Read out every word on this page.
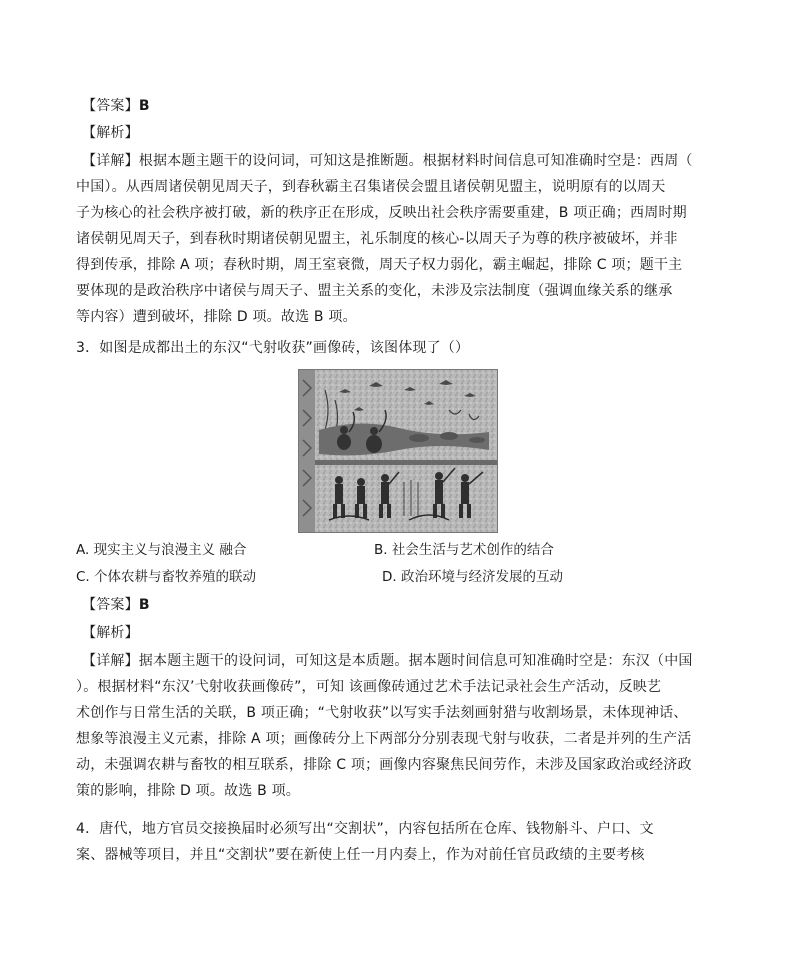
【答案】B
【解析】
【详解】根据本题主题干的设问词，可知这是推断题。根据材料时间信息可知准确时空是：西周（
中国）。从西周诸侯朝见周天子，到春秋霸主召集诸侯会盟且诸侯朝见盟主，说明原有的以周天
子为核心的社会秩序被打破，新的秩序正在形成，反映出社会秩序需要重建，B 项正确；西周时期
诸侯朝见周天子，到春秋时期诸侯朝见盟主，礼乐制度的核心-以周天子为尊的秩序被破坏，并非
得到传承，排除 A 项；春秋时期，周王室衰微，周天子权力弱化，霸主崛起，排除 C 项；题干主
要体现的是政治秩序中诸侯与周天子、盟主关系的变化，未涉及宗法制度（强调血缘关系的继承
等内容）遭到破坏，排除 D 项。故选 B 项。
3．如图是成都出土的东汉“弋射收获”画像砖，该图体现了（）
A. 现实主义与浪漫主义 融合	B. 社会生活与艺术创作的结合
C. 个体农耕与畜牧养殖的联动	D. 政治环境与经济发展的互动
【答案】B
【解析】
【详解】据本题主题干的设问词，可知这是本质题。据本题时间信息可知准确时空是：东汉（中国
）。根据材料“东汉’弋射收获画像砖”，可知 该画像砖通过艺术手法记录社会生产活动，反映艺
术创作与日常生活的关联，B 项正确；“弋射收获”以写实手法刻画射猎与收割场景，未体现神话、
想象等浪漫主义元素，排除 A 项；画像砖分上下两部分分别表现弋射与收获，二者是并列的生产活
动，未强调农耕与畜牧的相互联系，排除 C 项；画像内容聚焦民间劳作，未涉及国家政治或经济政
策的影响，排除 D 项。故选 B 项。
4．唐代，地方官员交接换届时必须写出“交割状”，内容包括所在仓库、钱物斛斗、户口、文
案、器械等项目，并且“交割状”要在新使上任一月内奏上，作为对前任官员政绩的主要考核
